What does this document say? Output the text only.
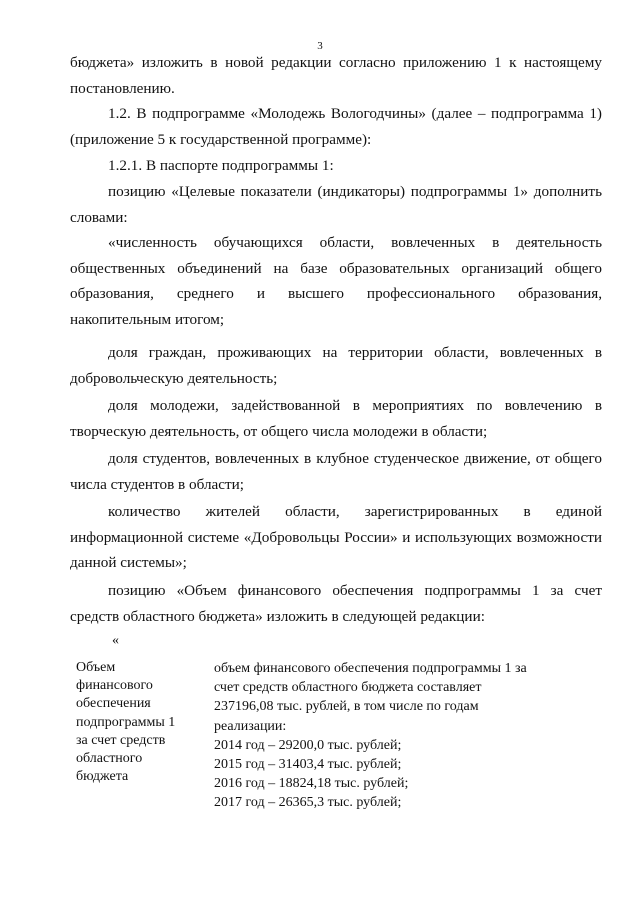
3

бюджета» изложить в новой редакции согласно приложению 1 к настоящему постановлению.

1.2. В подпрограмме «Молодежь Вологодчины» (далее – подпрограмма 1) (приложение 5 к государственной программе):

1.2.1. В паспорте подпрограммы 1:

позицию «Целевые показатели (индикаторы) подпрограммы 1» дополнить словами:

«численность обучающихся области, вовлеченных в деятельность общественных объединений на базе образовательных организаций общего образования, среднего и высшего профессионального образования, накопительным итогом;

доля граждан, проживающих на территории области, вовлеченных в добровольческую деятельность;

доля молодежи, задействованной в мероприятиях по вовлечению в творческую деятельность, от общего числа молодежи в области;

доля студентов, вовлеченных в клубное студенческое движение, от общего числа студентов в области;

количество жителей области, зарегистрированных в единой информационной системе «Добровольцы России» и использующих возможности данной системы»;

позицию «Объем финансового обеспечения подпрограммы 1 за счет средств областного бюджета» изложить в следующей редакции:

«
Объем
финансового
обеспечения
подпрограммы 1
за счет средств
областного
бюджета
объем финансового обеспечения подпрограммы 1 за
счет средств областного бюджета составляет
237196,08 тыс. рублей, в том числе по годам
реализации:
2014 год – 29200,0 тыс. рублей;
2015 год – 31403,4 тыс. рублей;
2016 год – 18824,18 тыс. рублей;
2017 год – 26365,3 тыс. рублей;
